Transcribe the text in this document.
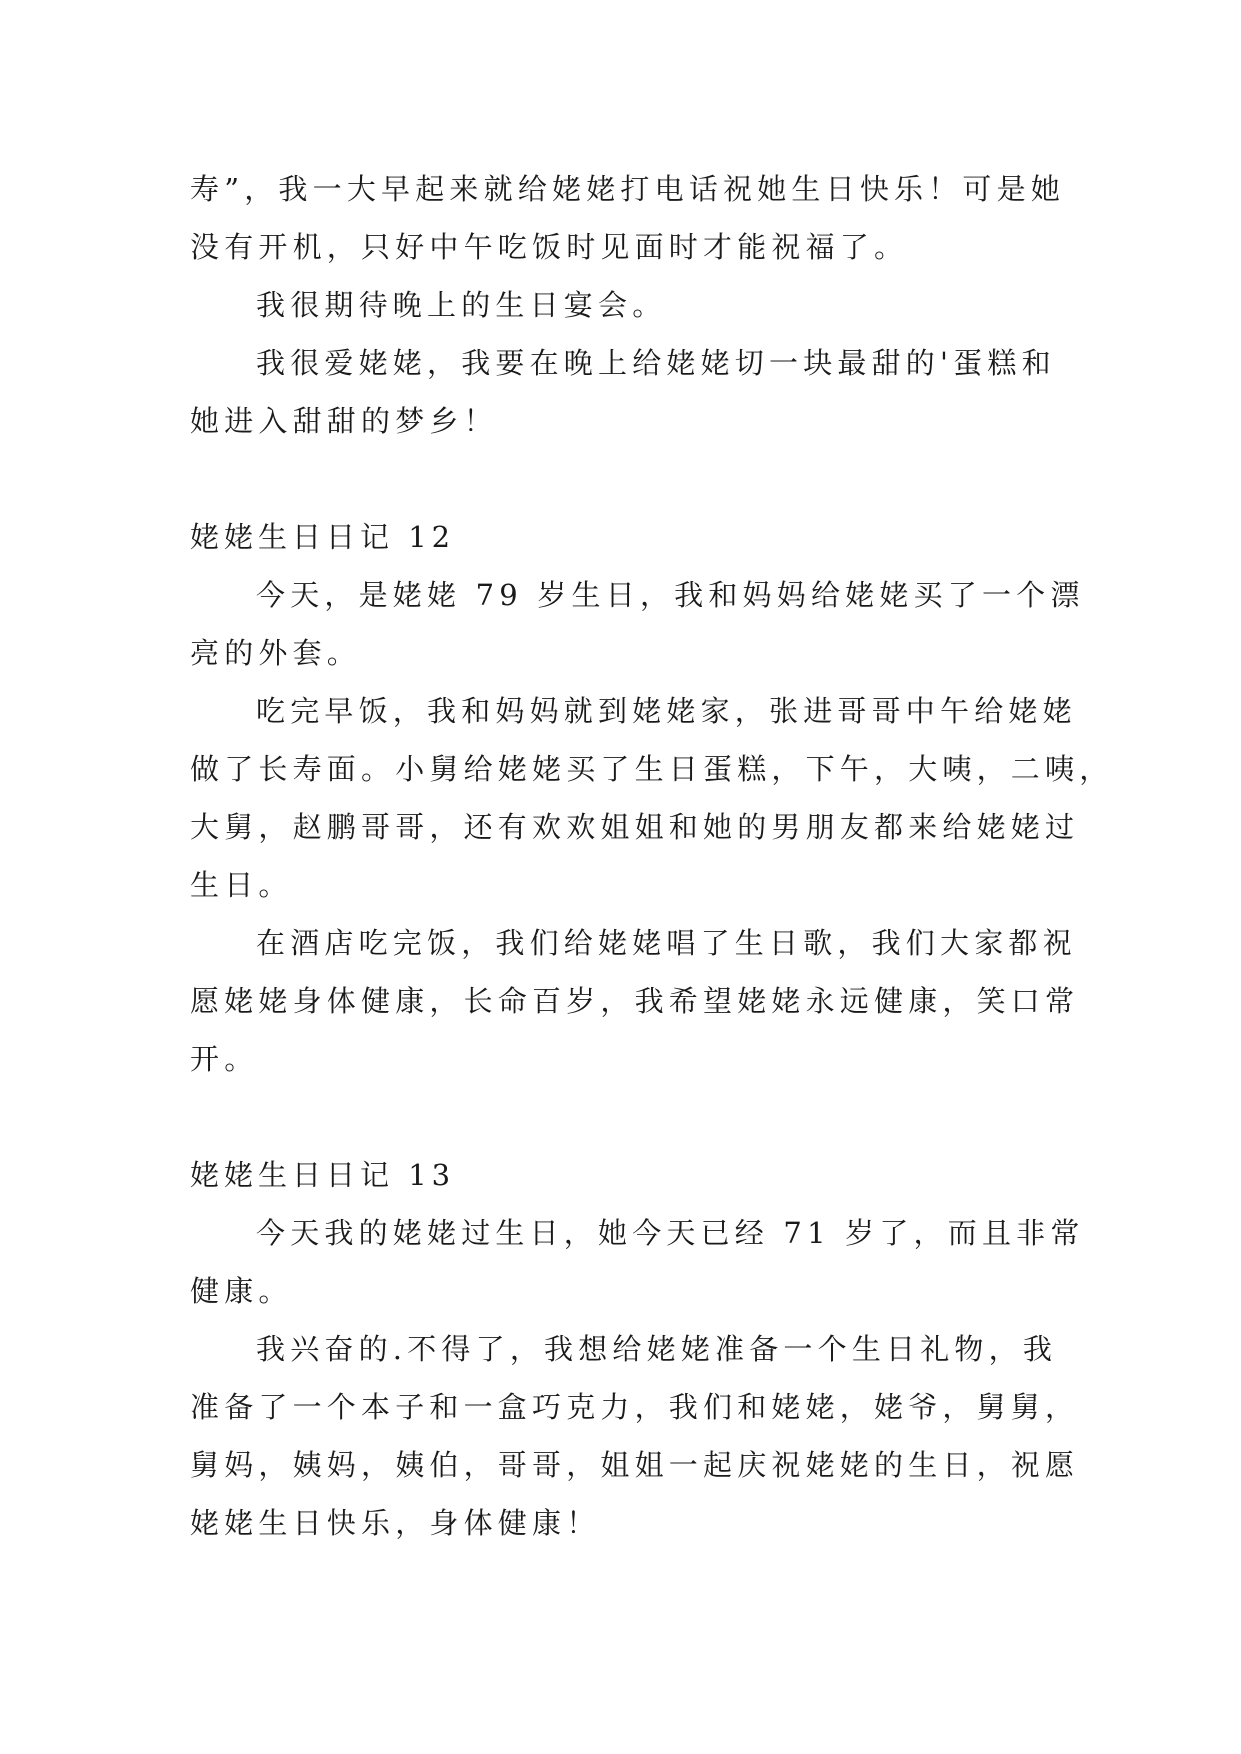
寿”，我一大早起来就给姥姥打电话祝她生日快乐！可是她
没有开机，只好中午吃饭时见面时才能祝福了。
我很期待晚上的生日宴会。
我很爱姥姥，我要在晚上给姥姥切一块最甜的'蛋糕和
她进入甜甜的梦乡！
姥姥生日日记 12
今天，是姥姥 79 岁生日，我和妈妈给姥姥买了一个漂
亮的外套。
吃完早饭，我和妈妈就到姥姥家，张进哥哥中午给姥姥
做了长寿面。小舅给姥姥买了生日蛋糕，下午，大咦，二咦，
大舅，赵鹏哥哥，还有欢欢姐姐和她的男朋友都来给姥姥过
生日。
在酒店吃完饭，我们给姥姥唱了生日歌，我们大家都祝
愿姥姥身体健康，长命百岁，我希望姥姥永远健康，笑口常
开。
姥姥生日日记 13
今天我的姥姥过生日，她今天已经 71 岁了，而且非常
健康。
我兴奋的.不得了，我想给姥姥准备一个生日礼物，我
准备了一个本子和一盒巧克力，我们和姥姥，姥爷，舅舅，
舅妈，姨妈，姨伯，哥哥，姐姐一起庆祝姥姥的生日，祝愿
姥姥生日快乐，身体健康！
